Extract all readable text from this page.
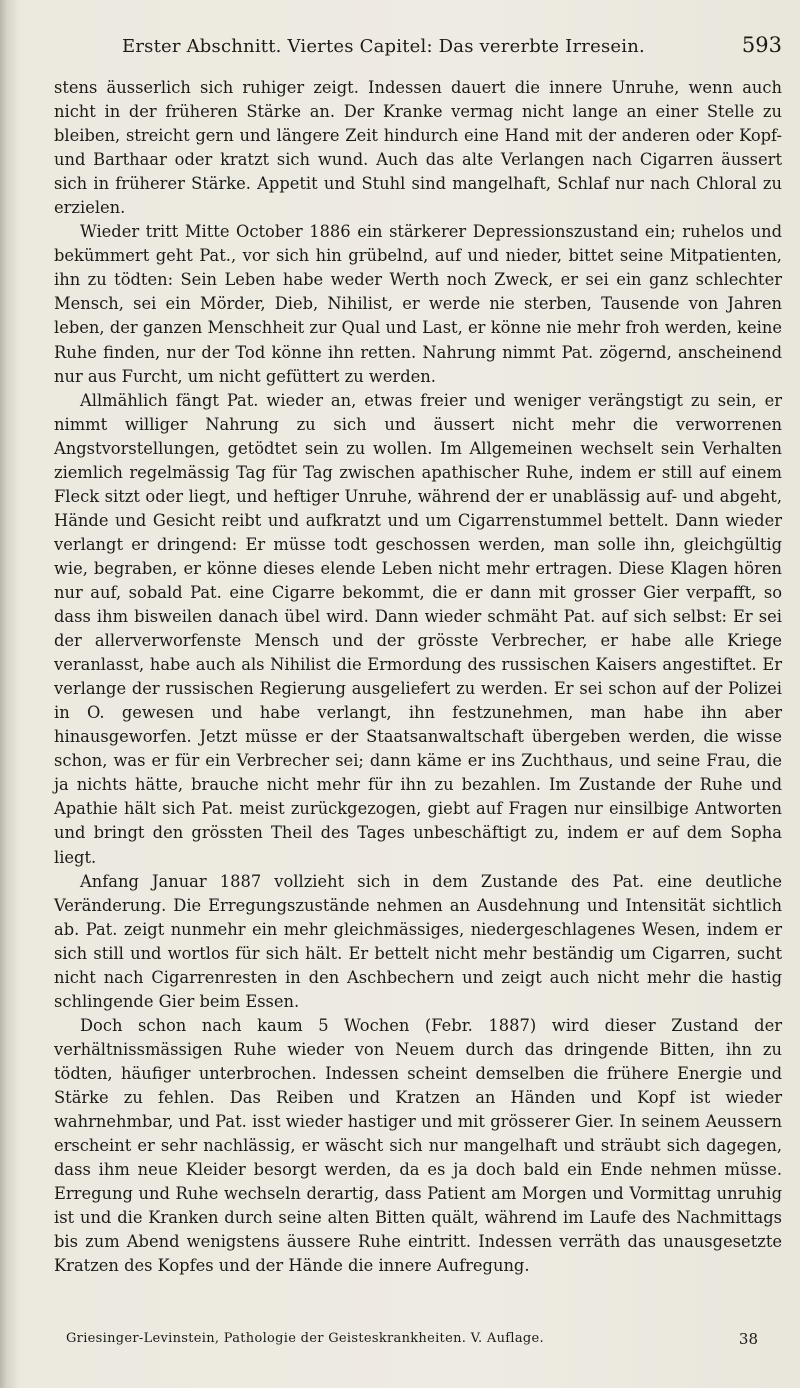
Erster Abschnitt. Viertes Capitel: Das vererbte Irresein.	593

stens äusserlich sich ruhiger zeigt. Indessen dauert die innere Unruhe, wenn auch nicht in der früheren Stärke an. Der Kranke vermag nicht lange an einer Stelle zu bleiben, streicht gern und längere Zeit hindurch eine Hand mit der anderen oder Kopf- und Barthaar oder kratzt sich wund. Auch das alte Verlangen nach Cigarren äussert sich in früherer Stärke. Appetit und Stuhl sind mangelhaft, Schlaf nur nach Chloral zu erzielen.

Wieder tritt Mitte October 1886 ein stärkerer Depressionszustand ein; ruhelos und bekümmert geht Pat., vor sich hin grübelnd, auf und nieder, bittet seine Mitpatienten, ihn zu tödten: Sein Leben habe weder Werth noch Zweck, er sei ein ganz schlechter Mensch, sei ein Mörder, Dieb, Nihilist, er werde nie sterben, Tausende von Jahren leben, der ganzen Menschheit zur Qual und Last, er könne nie mehr froh werden, keine Ruhe finden, nur der Tod könne ihn retten. Nahrung nimmt Pat. zögernd, anscheinend nur aus Furcht, um nicht gefüttert zu werden.

Allmählich fängt Pat. wieder an, etwas freier und weniger verängstigt zu sein, er nimmt williger Nahrung zu sich und äussert nicht mehr die verworrenen Angstvorstellungen, getödtet sein zu wollen. Im Allgemeinen wechselt sein Verhalten ziemlich regelmässig Tag für Tag zwischen apathischer Ruhe, indem er still auf einem Fleck sitzt oder liegt, und heftiger Unruhe, während der er unablässig auf- und abgeht, Hände und Gesicht reibt und aufkratzt und um Cigarrenstummel bettelt. Dann wieder verlangt er dringend: Er müsse todt geschossen werden, man solle ihn, gleichgültig wie, begraben, er könne dieses elende Leben nicht mehr ertragen. Diese Klagen hören nur auf, sobald Pat. eine Cigarre bekommt, die er dann mit grosser Gier verpafft, so dass ihm bisweilen danach übel wird. Dann wieder schmäht Pat. auf sich selbst: Er sei der allerverworfenste Mensch und der grösste Verbrecher, er habe alle Kriege veranlasst, habe auch als Nihilist die Ermordung des russischen Kaisers angestiftet. Er verlange der russischen Regierung ausgeliefert zu werden. Er sei schon auf der Polizei in O. gewesen und habe verlangt, ihn festzunehmen, man habe ihn aber hinausgeworfen. Jetzt müsse er der Staatsanwaltschaft übergeben werden, die wisse schon, was er für ein Verbrecher sei; dann käme er ins Zuchthaus, und seine Frau, die ja nichts hätte, brauche nicht mehr für ihn zu bezahlen. Im Zustande der Ruhe und Apathie hält sich Pat. meist zurückgezogen, giebt auf Fragen nur einsilbige Antworten und bringt den grössten Theil des Tages unbeschäftigt zu, indem er auf dem Sopha liegt.

Anfang Januar 1887 vollzieht sich in dem Zustande des Pat. eine deutliche Veränderung. Die Erregungszustände nehmen an Ausdehnung und Intensität sichtlich ab. Pat. zeigt nunmehr ein mehr gleichmässiges, niedergeschlagenes Wesen, indem er sich still und wortlos für sich hält. Er bettelt nicht mehr beständig um Cigarren, sucht nicht nach Cigarrenresten in den Aschbechern und zeigt auch nicht mehr die hastig schlingende Gier beim Essen.

Doch schon nach kaum 5 Wochen (Febr. 1887) wird dieser Zustand der verhältnissmässigen Ruhe wieder von Neuem durch das dringende Bitten, ihn zu tödten, häufiger unterbrochen. Indessen scheint demselben die frühere Energie und Stärke zu fehlen. Das Reiben und Kratzen an Händen und Kopf ist wieder wahrnehmbar, und Pat. isst wieder hastiger und mit grösserer Gier. In seinem Aeussern erscheint er sehr nachlässig, er wäscht sich nur mangelhaft und sträubt sich dagegen, dass ihm neue Kleider besorgt werden, da es ja doch bald ein Ende nehmen müsse. Erregung und Ruhe wechseln derartig, dass Patient am Morgen und Vormittag unruhig ist und die Kranken durch seine alten Bitten quält, während im Laufe des Nachmittags bis zum Abend wenigstens äussere Ruhe eintritt. Indessen verräth das unausgesetzte Kratzen des Kopfes und der Hände die innere Aufregung.

Griesinger-Levinstein, Pathologie der Geisteskrankheiten. V. Auflage.	38
